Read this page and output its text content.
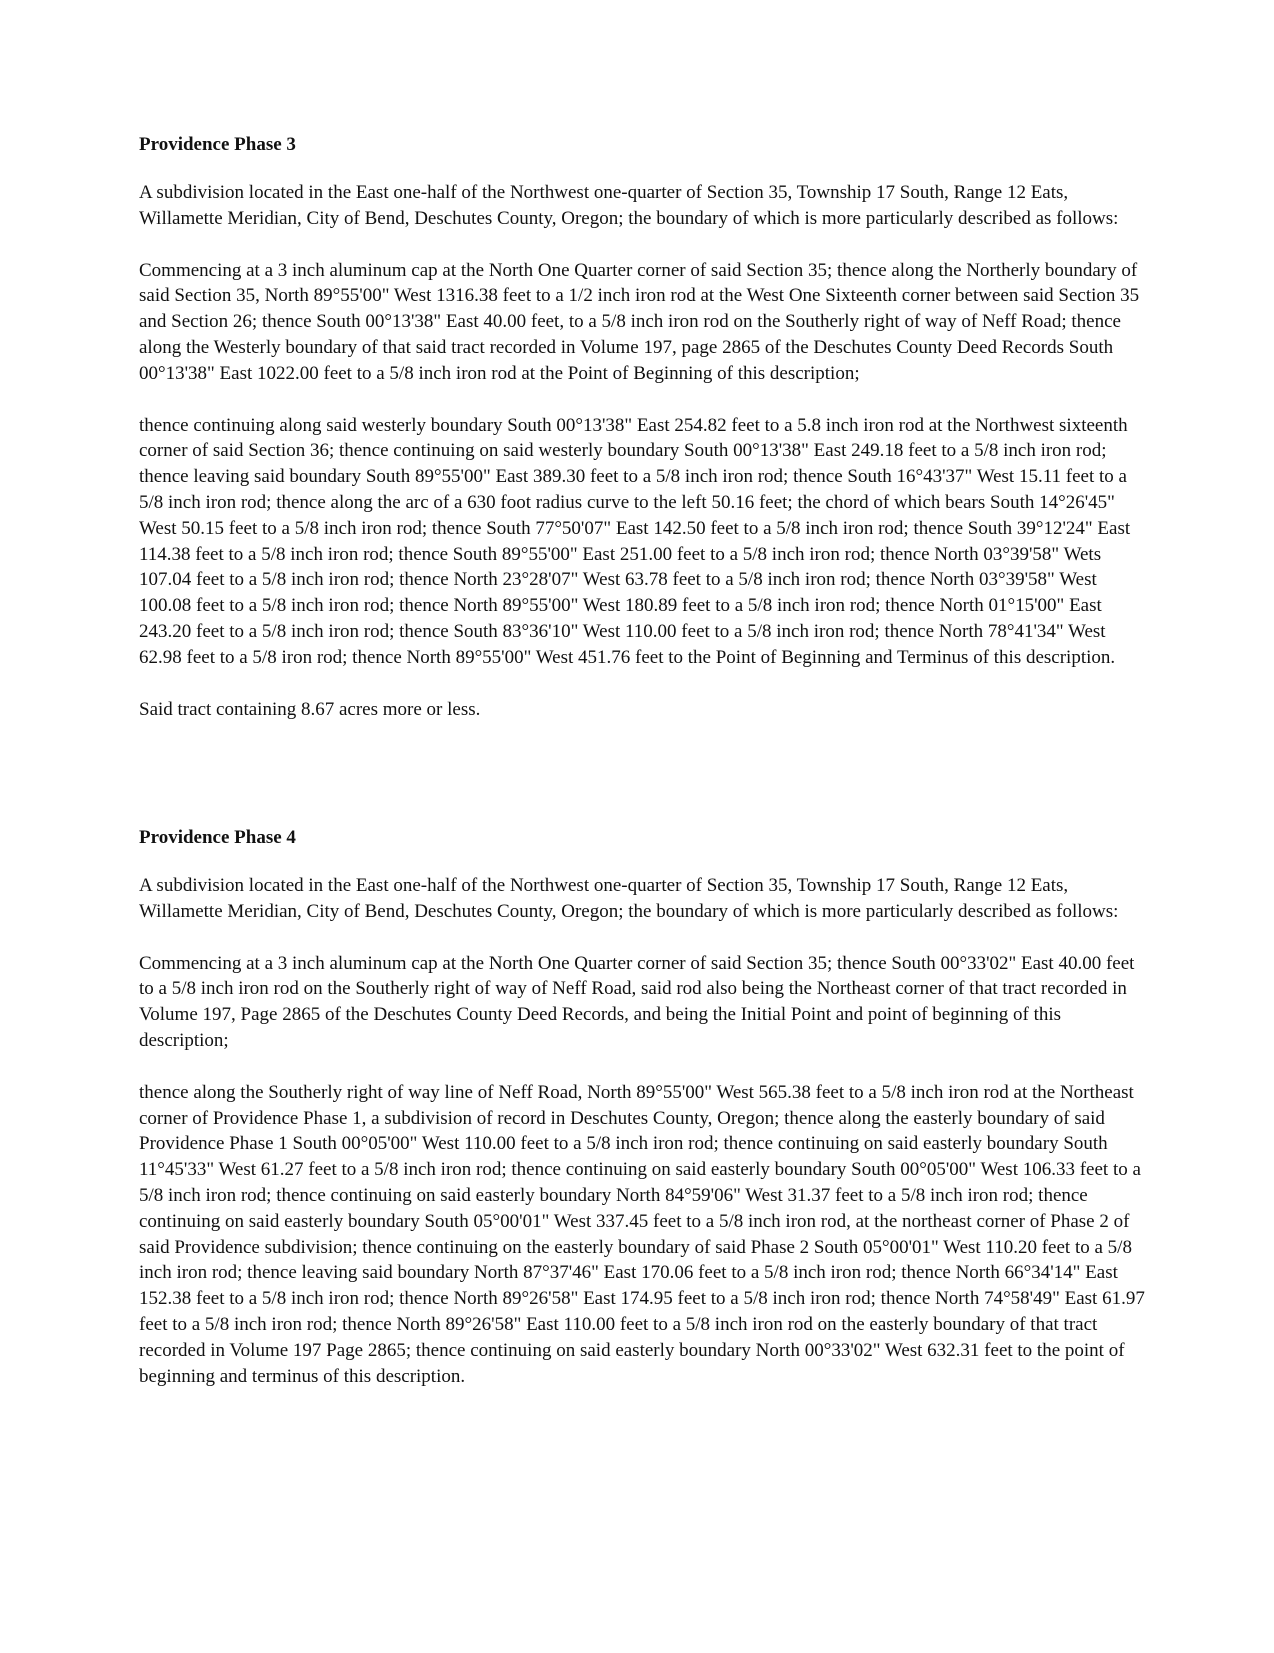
Providence Phase 3

A subdivision located in the East one-half of the Northwest one-quarter of Section 35, Township 17 South, Range 12 Eats, Willamette Meridian, City of Bend, Deschutes County, Oregon; the boundary of which is more particularly described as follows:

Commencing at a 3 inch aluminum cap at the North One Quarter corner of said Section 35; thence along the Northerly boundary of said Section 35, North 89°55'00" West 1316.38 feet to a 1/2 inch iron rod at the West One Sixteenth corner between said Section 35 and Section 26; thence South 00°13'38" East 40.00 feet, to a 5/8 inch iron rod on the Southerly right of way of Neff Road; thence along the Westerly boundary of that said tract recorded in Volume 197, page 2865 of the Deschutes County Deed Records South 00°13'38" East 1022.00 feet to a 5/8 inch iron rod at the Point of Beginning of this description;

thence continuing along said westerly boundary South 00°13'38" East 254.82 feet to a 5.8 inch iron rod at the Northwest sixteenth corner of said Section 36; thence continuing on said westerly boundary South 00°13'38" East 249.18 feet to a 5/8 inch iron rod; thence leaving said boundary South 89°55'00" East 389.30 feet to a 5/8 inch iron rod; thence South 16°43'37" West 15.11 feet to a 5/8 inch iron rod; thence along the arc of a 630 foot radius curve to the left 50.16 feet; the chord of which bears South 14°26'45" West 50.15 feet to a 5/8 inch iron rod; thence South 77°50'07" East 142.50 feet to a 5/8 inch iron rod; thence South 39°12'24" East 114.38 feet to a 5/8 inch iron rod; thence South 89°55'00" East 251.00 feet to a 5/8 inch iron rod; thence North 03°39'58" Wets 107.04 feet to a 5/8 inch iron rod; thence North 23°28'07" West 63.78 feet to a 5/8 inch iron rod; thence North 03°39'58" West 100.08 feet to a 5/8 inch iron rod; thence North 89°55'00" West 180.89 feet to a 5/8 inch iron rod; thence North 01°15'00" East 243.20 feet to a 5/8 inch iron rod; thence South 83°36'10" West 110.00 feet to a 5/8 inch iron rod; thence North 78°41'34" West 62.98 feet to a 5/8 iron rod; thence North 89°55'00" West 451.76 feet to the Point of Beginning and Terminus of this description.

Said tract containing 8.67 acres more or less.

Providence Phase 4

A subdivision located in the East one-half of the Northwest one-quarter of Section 35, Township 17 South, Range 12 Eats, Willamette Meridian, City of Bend, Deschutes County, Oregon; the boundary of which is more particularly described as follows:

Commencing at a 3 inch aluminum cap at the North One Quarter corner of said Section 35; thence South 00°33'02" East 40.00 feet to a 5/8 inch iron rod on the Southerly right of way of Neff Road, said rod also being the Northeast corner of that tract recorded in Volume 197, Page 2865 of the Deschutes County Deed Records, and being the Initial Point and point of beginning of this description;

thence along the Southerly right of way line of Neff Road, North 89°55'00" West 565.38 feet to a 5/8 inch iron rod at the Northeast corner of Providence Phase 1, a subdivision of record in Deschutes County, Oregon; thence along the easterly boundary of said Providence Phase 1 South 00°05'00" West 110.00 feet to a 5/8 inch iron rod; thence continuing on said easterly boundary South 11°45'33" West 61.27 feet to a 5/8 inch iron rod; thence continuing on said easterly boundary South 00°05'00" West 106.33 feet to a 5/8 inch iron rod; thence continuing on said easterly boundary North 84°59'06" West 31.37 feet to a 5/8 inch iron rod; thence continuing on said easterly boundary South 05°00'01" West 337.45 feet to a 5/8 inch iron rod, at the northeast corner of Phase 2 of said Providence subdivision; thence continuing on the easterly boundary of said Phase 2 South 05°00'01" West 110.20 feet to a 5/8 inch iron rod; thence leaving said boundary North 87°37'46" East 170.06 feet to a 5/8 inch iron rod; thence North 66°34'14" East 152.38 feet to a 5/8 inch iron rod; thence North 89°26'58" East 174.95 feet to a 5/8 inch iron rod; thence North 74°58'49" East 61.97 feet to a 5/8 inch iron rod; thence North 89°26'58" East 110.00 feet to a 5/8 inch iron rod on the easterly boundary of that tract recorded in Volume 197 Page 2865; thence continuing on said easterly boundary North 00°33'02" West 632.31 feet to the point of beginning and terminus of this description.
